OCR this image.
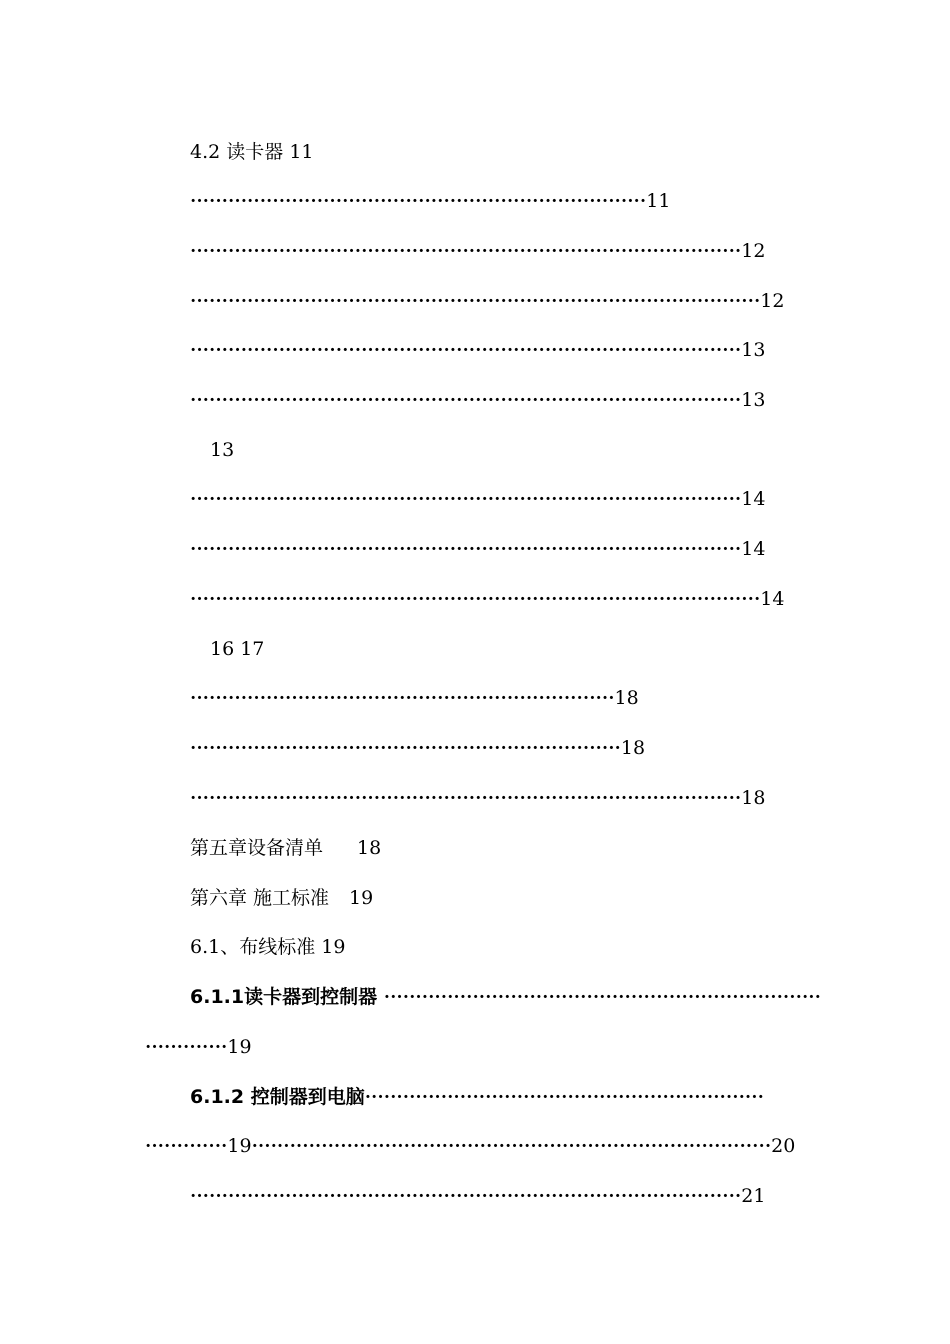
4.2 读卡器 11
········································································11
·······················································································12
··························································································12
·······················································································13
·······················································································13
13
·······················································································14
·······················································································14
··························································································14
16 17
···································································18
····································································18
·······················································································18
第五章设备清单 18
第六章 施工标准 19
6.1、布线标准 19
6.1.1读卡器到控制器 ·····································································
·············19
6.1.2 控制器到电脑·······························································
·············19··················································································20
·······················································································21
